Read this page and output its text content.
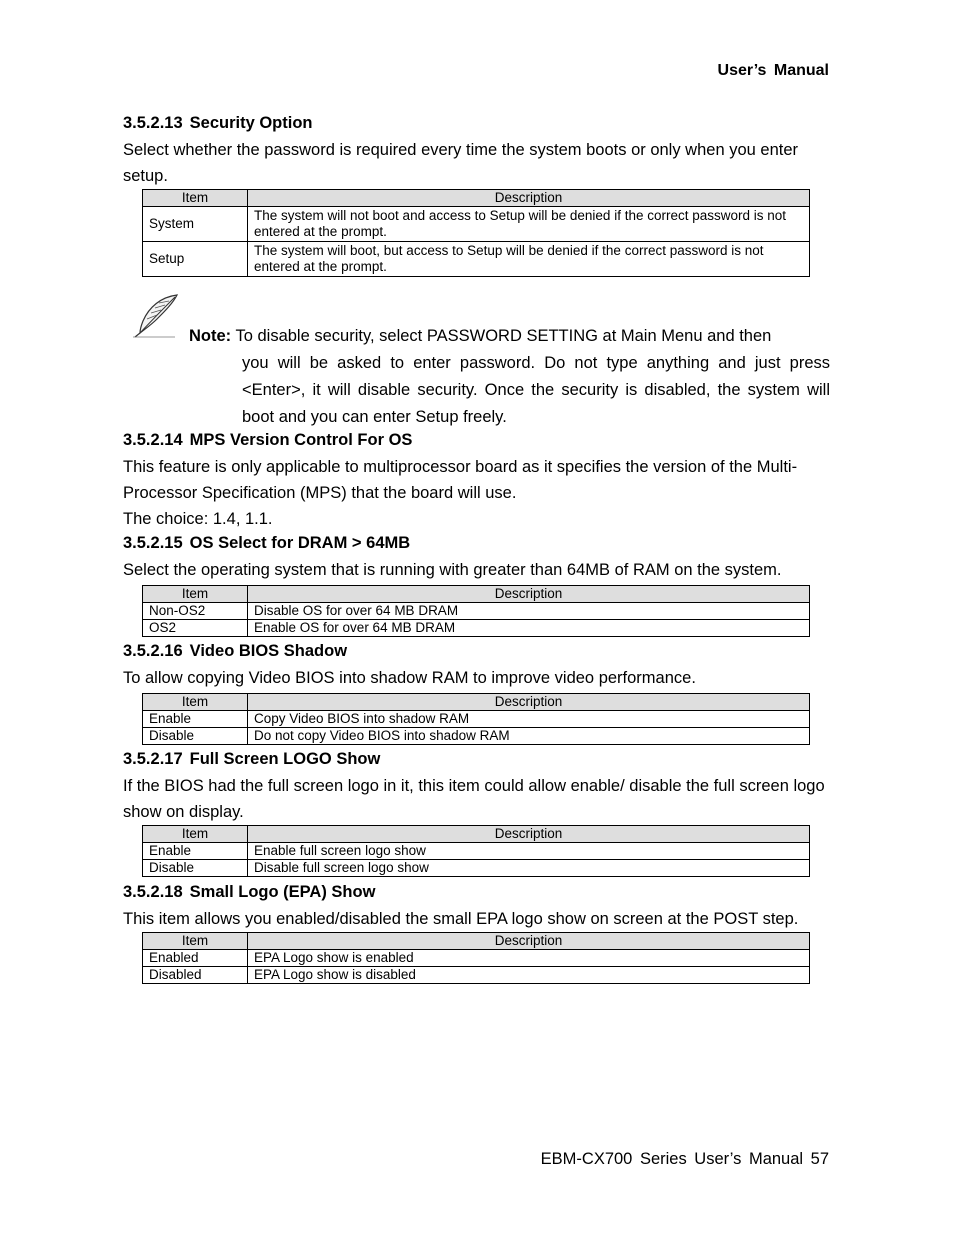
User’s Manual
3.5.2.13 Security Option

Select whether the password is required every time the system boots or only when you enter setup.

Item	Description
System	The system will not boot and access to Setup will be denied if the correct password is not entered at the prompt.
Setup	The system will boot, but access to Setup will be denied if the correct password is not entered at the prompt.
Note: To disable security, select PASSWORD SETTING at Main Menu and then
you will be asked to enter password. Do not type anything and just press <Enter>, it will disable security. Once the security is disabled, the system will boot and you can enter Setup freely.
3.5.2.14 MPS Version Control For OS

This feature is only applicable to multiprocessor board as it specifies the version of the Multi-Processor Specification (MPS) that the board will use.

The choice: 1.4, 1.1.

3.5.2.15 OS Select for DRAM > 64MB

Select the operating system that is running with greater than 64MB of RAM on the system.

Item	Description
Non-OS2	Disable OS for over 64 MB DRAM
OS2	Enable OS for over 64 MB DRAM
3.5.2.16 Video BIOS Shadow

To allow copying Video BIOS into shadow RAM to improve video performance.

Item	Description
Enable	Copy Video BIOS into shadow RAM
Disable	Do not copy Video BIOS into shadow RAM
3.5.2.17 Full Screen LOGO Show

If the BIOS had the full screen logo in it, this item could allow enable/ disable the full screen logo show on display.

Item	Description
Enable	Enable full screen logo show
Disable	Disable full screen logo show
3.5.2.18 Small Logo (EPA) Show

This item allows you enabled/disabled the small EPA logo show on screen at the POST step.

Item	Description
Enabled	EPA Logo show is enabled
Disabled	EPA Logo show is disabled
EBM-CX700 Series User’s Manual 57
